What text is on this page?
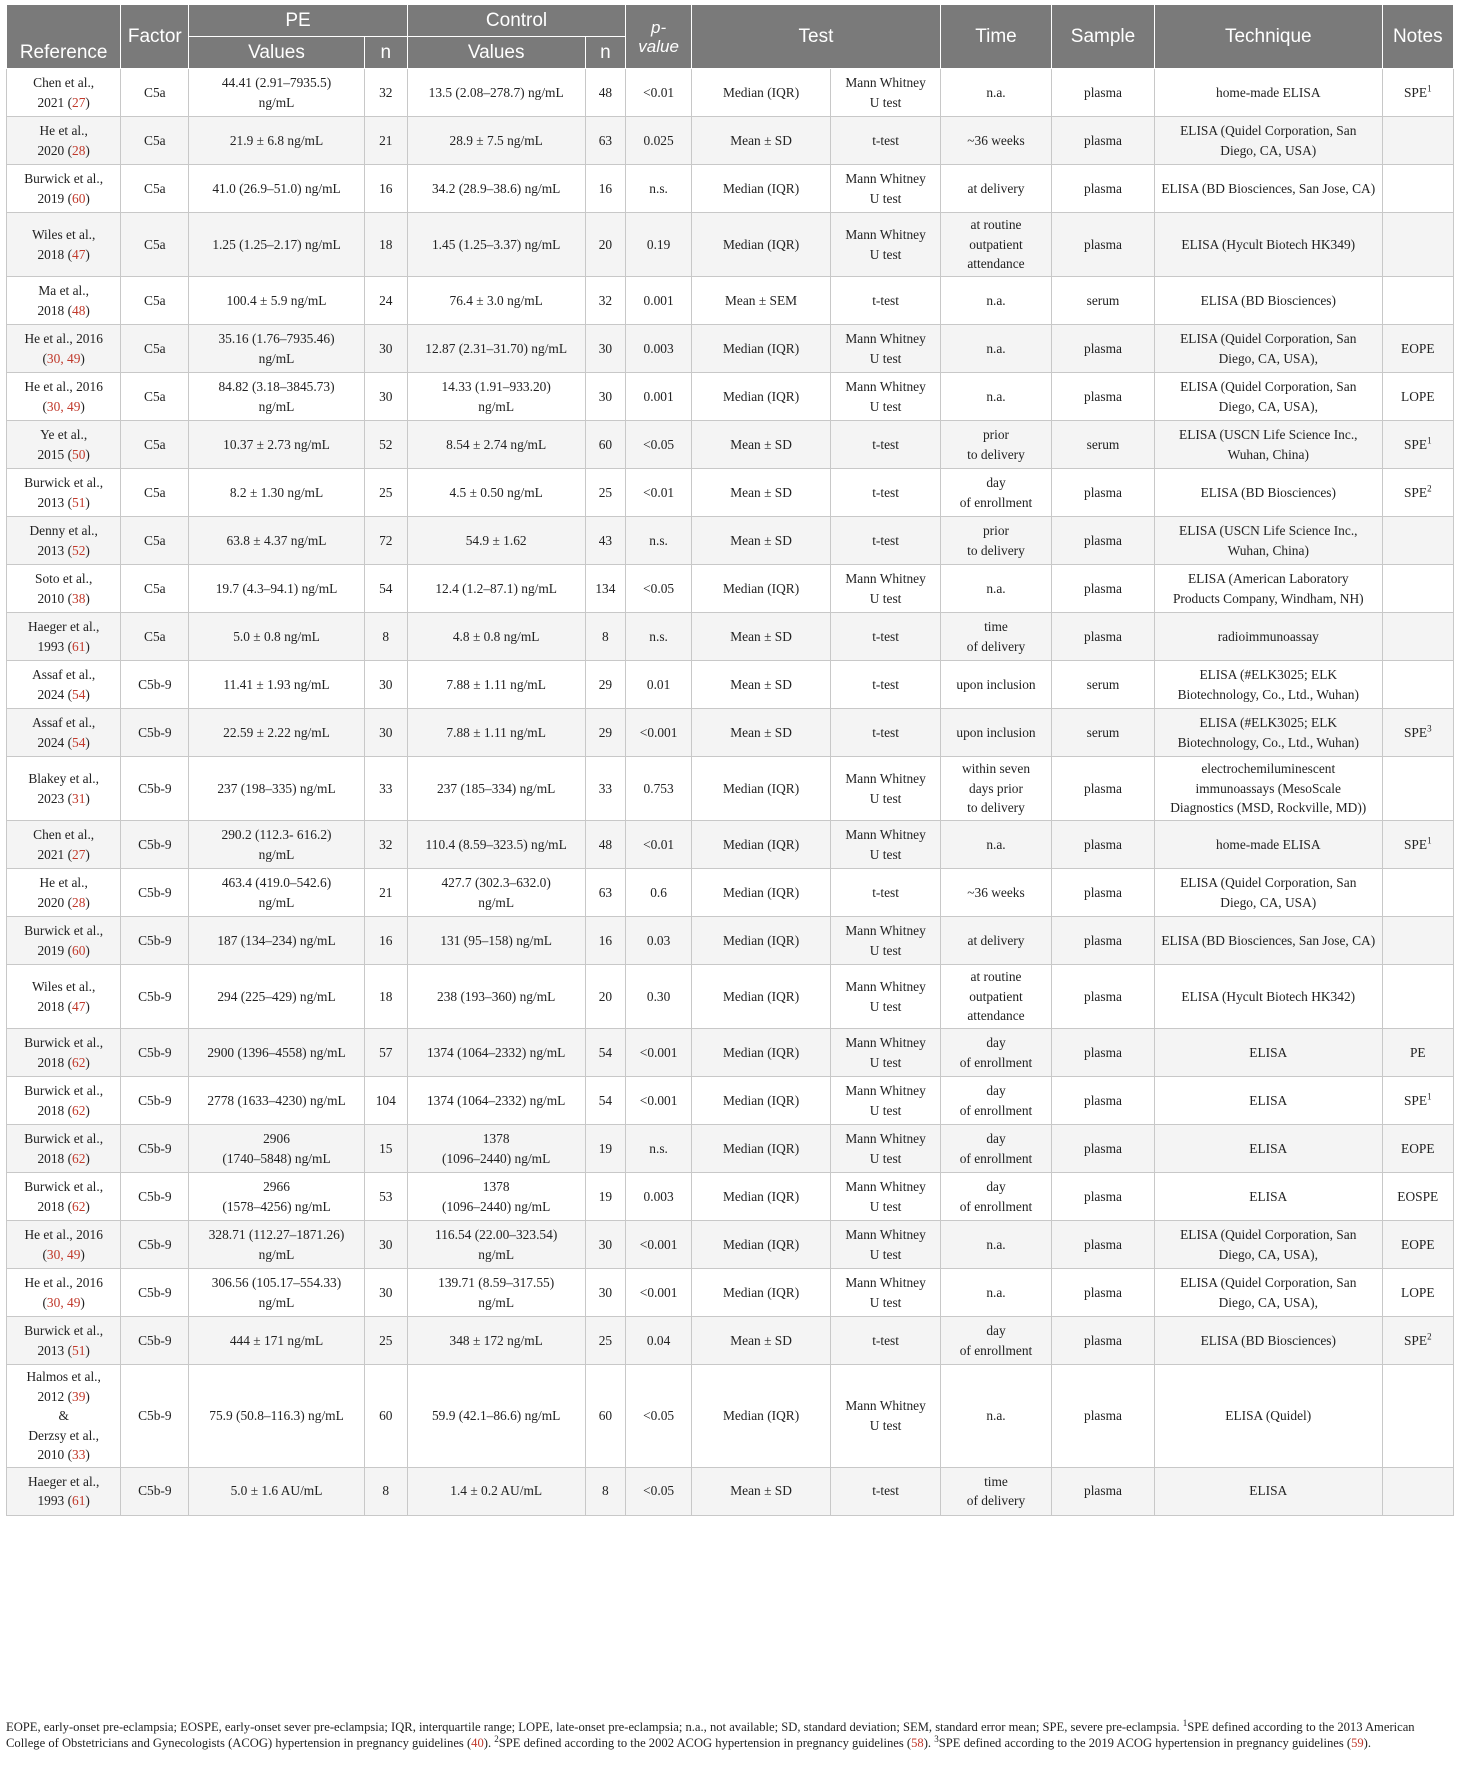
Reference	Factor	PE		Control		p-
value	Test		Time	Sample	Technique	Notes
		Values	n	Values	n							
Chen et al.,
2021 (27)	C5a	44.41 (2.91–7935.5)
ng/mL	32	13.5 (2.08–278.7) ng/mL	48	<0.01	Median (IQR)	Mann Whitney
U test	n.a.	plasma	home-made ELISA	SPE$^1$
He et al.,
2020 (28)	C5a	21.9 ± 6.8 ng/mL	21	28.9 ± 7.5 ng/mL	63	0.025	Mean ± SD	t-test	~36 weeks	plasma	ELISA (Quidel Corporation, San
Diego, CA, USA)	
Burwick et al.,
2019 (60)	C5a	41.0 (26.9–51.0) ng/mL	16	34.2 (28.9–38.6) ng/mL	16	n.s.	Median (IQR)	Mann Whitney
U test	at delivery	plasma	ELISA (BD Biosciences, San Jose, CA)	
Wiles et al.,
2018 (47)	C5a	1.25 (1.25–2.17) ng/mL	18	1.45 (1.25–3.37) ng/mL	20	0.19	Median (IQR)	Mann Whitney
U test	at routine
outpatient
attendance	plasma	ELISA (Hycult Biotech HK349)	
Ma et al.,
2018 (48)	C5a	100.4 ± 5.9 ng/mL	24	76.4 ± 3.0 ng/mL	32	0.001	Mean ± SEM	t-test	n.a.	serum	ELISA (BD Biosciences)	
He et al., 2016
(30, 49)	C5a	35.16 (1.76–7935.46)
ng/mL	30	12.87 (2.31–31.70) ng/mL	30	0.003	Median (IQR)	Mann Whitney
U test	n.a.	plasma	ELISA (Quidel Corporation, San
Diego, CA, USA),	EOPE
He et al., 2016
(30, 49)	C5a	84.82 (3.18–3845.73)
ng/mL	30	14.33 (1.91–933.20)
ng/mL	30	0.001	Median (IQR)	Mann Whitney
U test	n.a.	plasma	ELISA (Quidel Corporation, San
Diego, CA, USA),	LOPE
Ye et al.,
2015 (50)	C5a	10.37 ± 2.73 ng/mL	52	8.54 ± 2.74 ng/mL	60	<0.05	Mean ± SD	t-test	prior
to delivery	serum	ELISA (USCN Life Science Inc.,
Wuhan, China)	SPE$^1$
Burwick et al.,
2013 (51)	C5a	8.2 ± 1.30 ng/mL	25	4.5 ± 0.50 ng/mL	25	<0.01	Mean ± SD	t-test	day
of enrollment	plasma	ELISA (BD Biosciences)	SPE$^2$
Denny et al.,
2013 (52)	C5a	63.8 ± 4.37 ng/mL	72	54.9 ± 1.62	43	n.s.	Mean ± SD	t-test	prior
to delivery	plasma	ELISA (USCN Life Science Inc.,
Wuhan, China)	
Soto et al.,
2010 (38)	C5a	19.7 (4.3–94.1) ng/mL	54	12.4 (1.2–87.1) ng/mL	134	<0.05	Median (IQR)	Mann Whitney
U test	n.a.	plasma	ELISA (American Laboratory
Products Company, Windham, NH)	
Haeger et al.,
1993 (61)	C5a	5.0 ± 0.8 ng/mL	8	4.8 ± 0.8 ng/mL	8	n.s.	Mean ± SD	t-test	time
of delivery	plasma	radioimmunoassay	
Assaf et al.,
2024 (54)	C5b-9	11.41 ± 1.93 ng/mL	30	7.88 ± 1.11 ng/mL	29	0.01	Mean ± SD	t-test	upon inclusion	serum	ELISA (#ELK3025; ELK
Biotechnology, Co., Ltd., Wuhan)	
Assaf et al.,
2024 (54)	C5b-9	22.59 ± 2.22 ng/mL	30	7.88 ± 1.11 ng/mL	29	<0.001	Mean ± SD	t-test	upon inclusion	serum	ELISA (#ELK3025; ELK
Biotechnology, Co., Ltd., Wuhan)	SPE$^3$
Blakey et al.,
2023 (31)	C5b-9	237 (198–335) ng/mL	33	237 (185–334) ng/mL	33	0.753	Median (IQR)	Mann Whitney
U test	within seven
days prior
to delivery	plasma	electrochemiluminescent
immunoassays (MesoScale
Diagnostics (MSD, Rockville, MD))	
Chen et al.,
2021 (27)	C5b-9	290.2 (112.3- 616.2)
ng/mL	32	110.4 (8.59–323.5) ng/mL	48	<0.01	Median (IQR)	Mann Whitney
U test	n.a.	plasma	home-made ELISA	SPE$^1$
He et al.,
2020 (28)	C5b-9	463.4 (419.0–542.6)
ng/mL	21	427.7 (302.3–632.0)
ng/mL	63	0.6	Median (IQR)	t-test	~36 weeks	plasma	ELISA (Quidel Corporation, San
Diego, CA, USA)	
Burwick et al.,
2019 (60)	C5b-9	187 (134–234) ng/mL	16	131 (95–158) ng/mL	16	0.03	Median (IQR)	Mann Whitney
U test	at delivery	plasma	ELISA (BD Biosciences, San Jose, CA)	
Wiles et al.,
2018 (47)	C5b-9	294 (225–429) ng/mL	18	238 (193–360) ng/mL	20	0.30	Median (IQR)	Mann Whitney
U test	at routine
outpatient
attendance	plasma	ELISA (Hycult Biotech HK342)	
Burwick et al.,
2018 (62)	C5b-9	2900 (1396–4558) ng/mL	57	1374 (1064–2332) ng/mL	54	<0.001	Median (IQR)	Mann Whitney
U test	day
of enrollment	plasma	ELISA	PE
Burwick et al.,
2018 (62)	C5b-9	2778 (1633–4230) ng/mL	104	1374 (1064–2332) ng/mL	54	<0.001	Median (IQR)	Mann Whitney
U test	day
of enrollment	plasma	ELISA	SPE$^1$
Burwick et al.,
2018 (62)	C5b-9	2906
(1740–5848) ng/mL	15	1378
(1096–2440) ng/mL	19	n.s.	Median (IQR)	Mann Whitney
U test	day
of enrollment	plasma	ELISA	EOPE
Burwick et al.,
2018 (62)	C5b-9	2966
(1578–4256) ng/mL	53	1378
(1096–2440) ng/mL	19	0.003	Median (IQR)	Mann Whitney
U test	day
of enrollment	plasma	ELISA	EOSPE
He et al., 2016
(30, 49)	C5b-9	328.71 (112.27–1871.26)
ng/mL	30	116.54 (22.00–323.54)
ng/mL	30	<0.001	Median (IQR)	Mann Whitney
U test	n.a.	plasma	ELISA (Quidel Corporation, San
Diego, CA, USA),	EOPE
He et al., 2016
(30, 49)	C5b-9	306.56 (105.17–554.33)
ng/mL	30	139.71 (8.59–317.55)
ng/mL	30	<0.001	Median (IQR)	Mann Whitney
U test	n.a.	plasma	ELISA (Quidel Corporation, San
Diego, CA, USA),	LOPE
Burwick et al.,
2013 (51)	C5b-9	444 ± 171 ng/mL	25	348 ± 172 ng/mL	25	0.04	Mean ± SD	t-test	day
of enrollment	plasma	ELISA (BD Biosciences)	SPE$^2$
Halmos et al.,
2012 (39)
&
Derzsy et al.,
2010 (33)	C5b-9	75.9 (50.8–116.3) ng/mL	60	59.9 (42.1–86.6) ng/mL	60	<0.05	Median (IQR)	Mann Whitney
U test	n.a.	plasma	ELISA (Quidel)	
Haeger et al.,
1993 (61)	C5b-9	5.0 ± 1.6 AU/mL	8	1.4 ± 0.2 AU/mL	8	<0.05	Mean ± SD	t-test	time
of delivery	plasma	ELISA	
EOPE, early-onset pre-eclampsia; EOSPE, early-onset sever pre-eclampsia; IQR, interquartile range; LOPE, late-onset pre-eclampsia; n.a., not available; SD, standard deviation; SEM, standard error mean; SPE, severe pre-eclampsia. $^1$SPE defined according to the 2013 American College of Obstetricians and Gynecologists (ACOG) hypertension in pregnancy guidelines (40). $^2$SPE defined according to the 2002 ACOG hypertension in pregnancy guidelines (58). $^3$SPE defined according to the 2019 ACOG hypertension in pregnancy guidelines (59).
